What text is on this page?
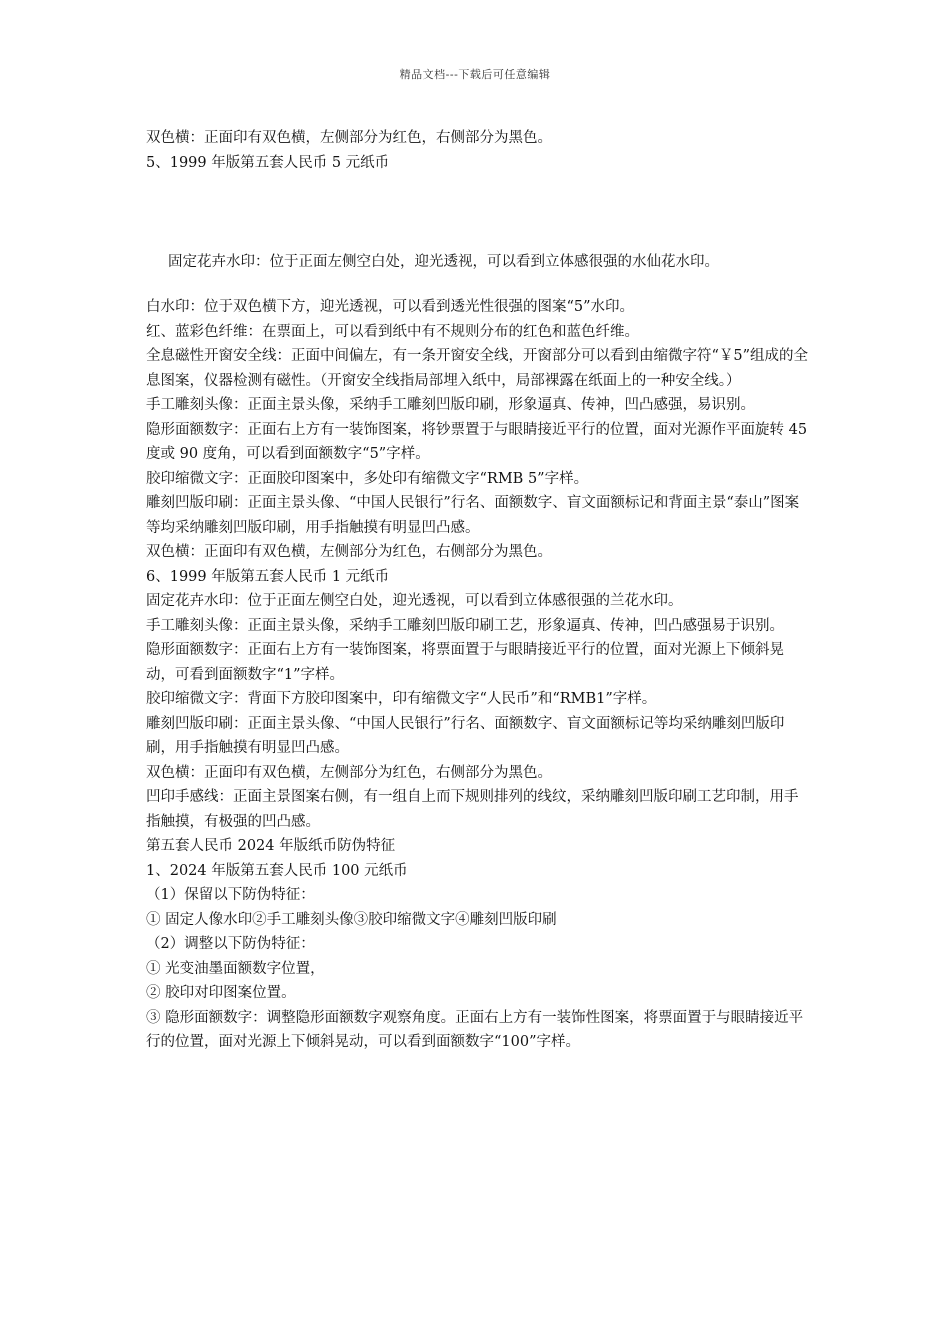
精品文档---下载后可任意编辑

双色横：正面印有双色横，左侧部分为红色，右侧部分为黑色。

5、1999 年版第五套人民币 5 元纸币

固定花卉水印：位于正面左侧空白处，迎光透视，可以看到立体感很强的水仙花水印。

白水印：位于双色横下方，迎光透视，可以看到透光性很强的图案“5”水印。

红、蓝彩色纤维：在票面上，可以看到纸中有不规则分布的红色和蓝色纤维。

全息磁性开窗安全线：正面中间偏左，有一条开窗安全线，开窗部分可以看到由缩微字符“￥5”组成的全息图案，仪器检测有磁性。（开窗安全线指局部埋入纸中，局部裸露在纸面上的一种安全线。）

手工雕刻头像：正面主景头像，采纳手工雕刻凹版印刷，形象逼真、传神，凹凸感强，易识别。

隐形面额数字：正面右上方有一装饰图案，将钞票置于与眼睛接近平行的位置，面对光源作平面旋转 45 度或 90 度角，可以看到面额数字“5”字样。

胶印缩微文字：正面胶印图案中，多处印有缩微文字“RMB 5”字样。

雕刻凹版印刷：正面主景头像、“中国人民银行”行名、面额数字、盲文面额标记和背面主景“泰山”图案等均采纳雕刻凹版印刷，用手指触摸有明显凹凸感。

双色横：正面印有双色横，左侧部分为红色，右侧部分为黑色。

6、1999 年版第五套人民币 1 元纸币

固定花卉水印：位于正面左侧空白处，迎光透视，可以看到立体感很强的兰花水印。

手工雕刻头像：正面主景头像，采纳手工雕刻凹版印刷工艺，形象逼真、传神，凹凸感强易于识别。

隐形面额数字：正面右上方有一装饰图案，将票面置于与眼睛接近平行的位置，面对光源上下倾斜晃动，可看到面额数字“1”字样。

胶印缩微文字：背面下方胶印图案中，印有缩微文字“人民币”和“RMB1”字样。

雕刻凹版印刷：正面主景头像、“中国人民银行”行名、面额数字、盲文面额标记等均采纳雕刻凹版印刷，用手指触摸有明显凹凸感。

双色横：正面印有双色横，左侧部分为红色，右侧部分为黑色。

凹印手感线：正面主景图案右侧，有一组自上而下规则排列的线纹，采纳雕刻凹版印刷工艺印制，用手指触摸，有极强的凹凸感。

第五套人民币 2024 年版纸币防伪特征

1、2024 年版第五套人民币 100 元纸币

（1）保留以下防伪特征：

① 固定人像水印②手工雕刻头像③胶印缩微文字④雕刻凹版印刷

（2）调整以下防伪特征：

① 光变油墨面额数字位置，

② 胶印对印图案位置。

③ 隐形面额数字：调整隐形面额数字观察角度。正面右上方有一装饰性图案，将票面置于与眼睛接近平行的位置，面对光源上下倾斜晃动，可以看到面额数字“100”字样。
